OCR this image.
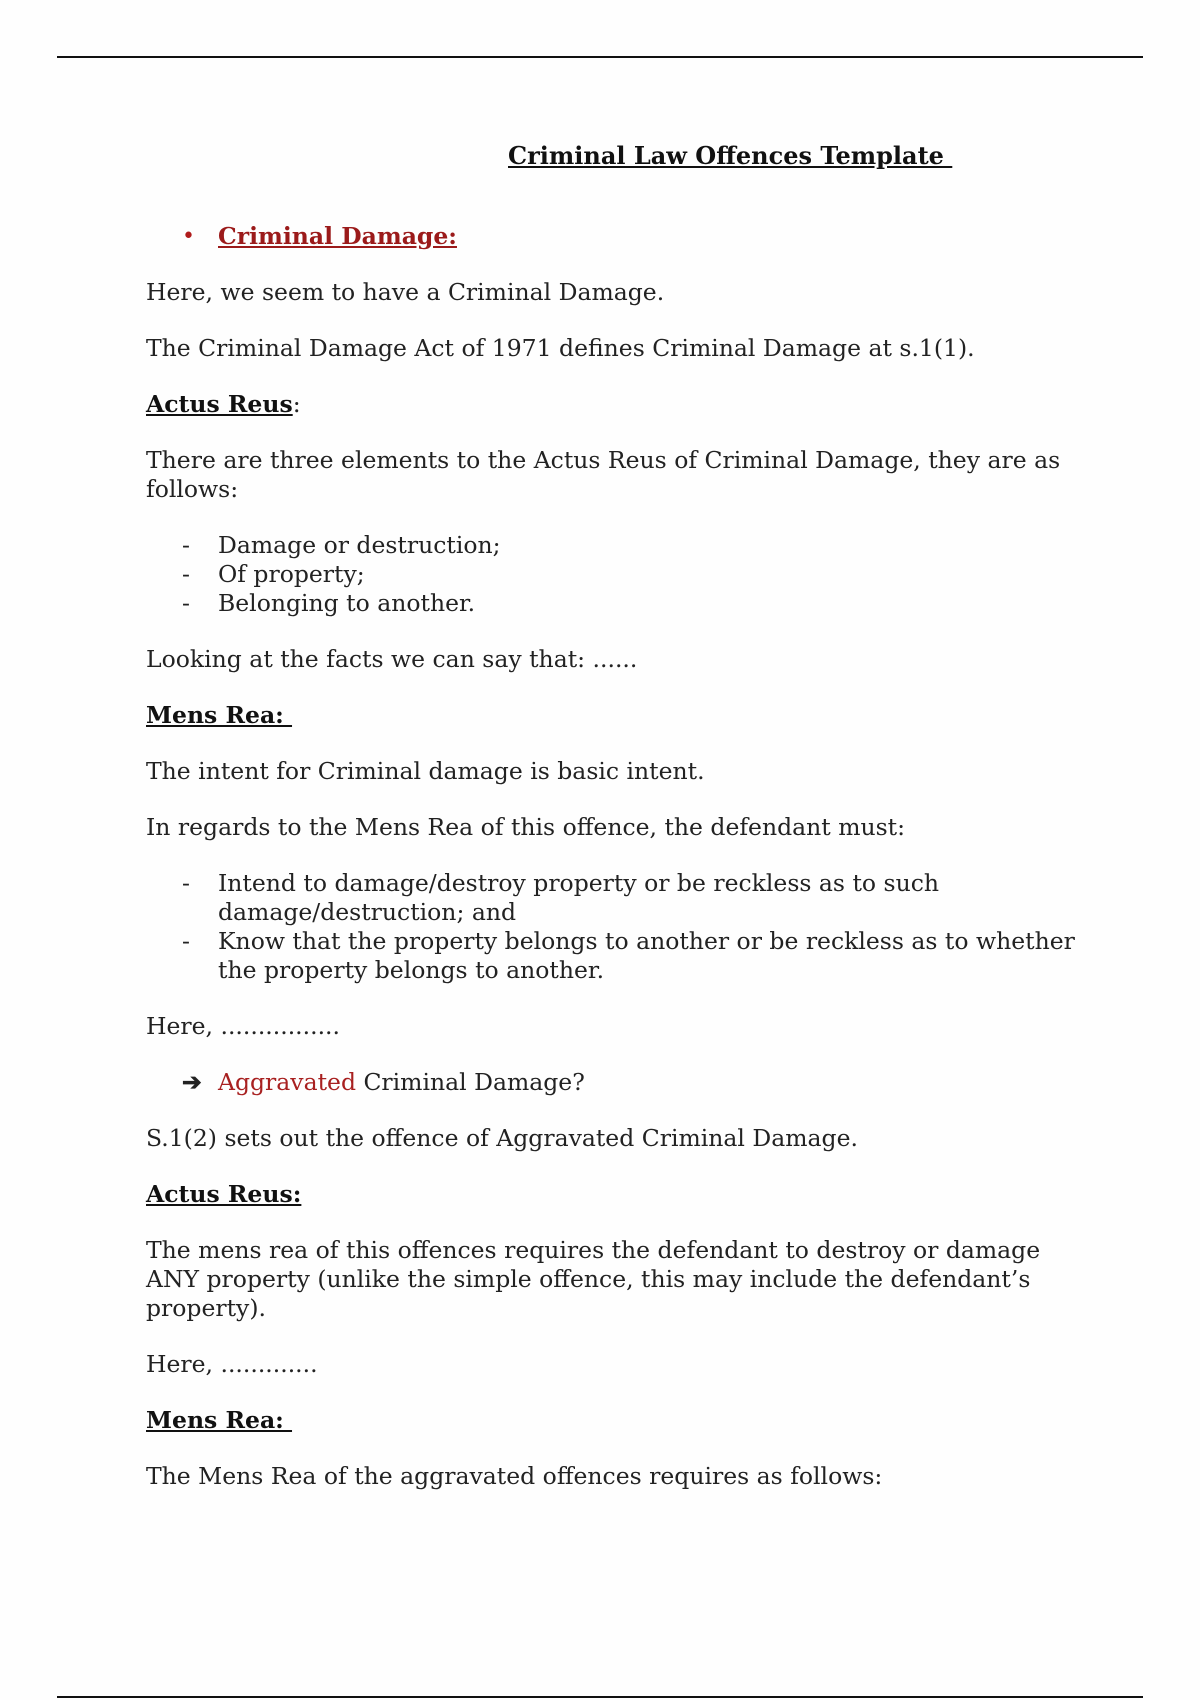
Criminal Law Offences Template
• Criminal Damage:

Here, we seem to have a Criminal Damage.

The Criminal Damage Act of 1971 defines Criminal Damage at s.1(1).

Actus Reus:

There are three elements to the Actus Reus of Criminal Damage, they are as follows:

- Damage or destruction;
- Of property;
- Belonging to another.

Looking at the facts we can say that: ......

Mens Rea:

The intent for Criminal damage is basic intent.

In regards to the Mens Rea of this offence, the defendant must:

- Intend to damage/destroy property or be reckless as to such damage/destruction; and
- Know that the property belongs to another or be reckless as to whether the property belongs to another.

Here, ................

➔ Aggravated Criminal Damage?

S.1(2) sets out the offence of Aggravated Criminal Damage.

Actus Reus:

The mens rea of this offences requires the defendant to destroy or damage ANY property (unlike the simple offence, this may include the defendant’s property).

Here, .............

Mens Rea:

The Mens Rea of the aggravated offences requires as follows:
